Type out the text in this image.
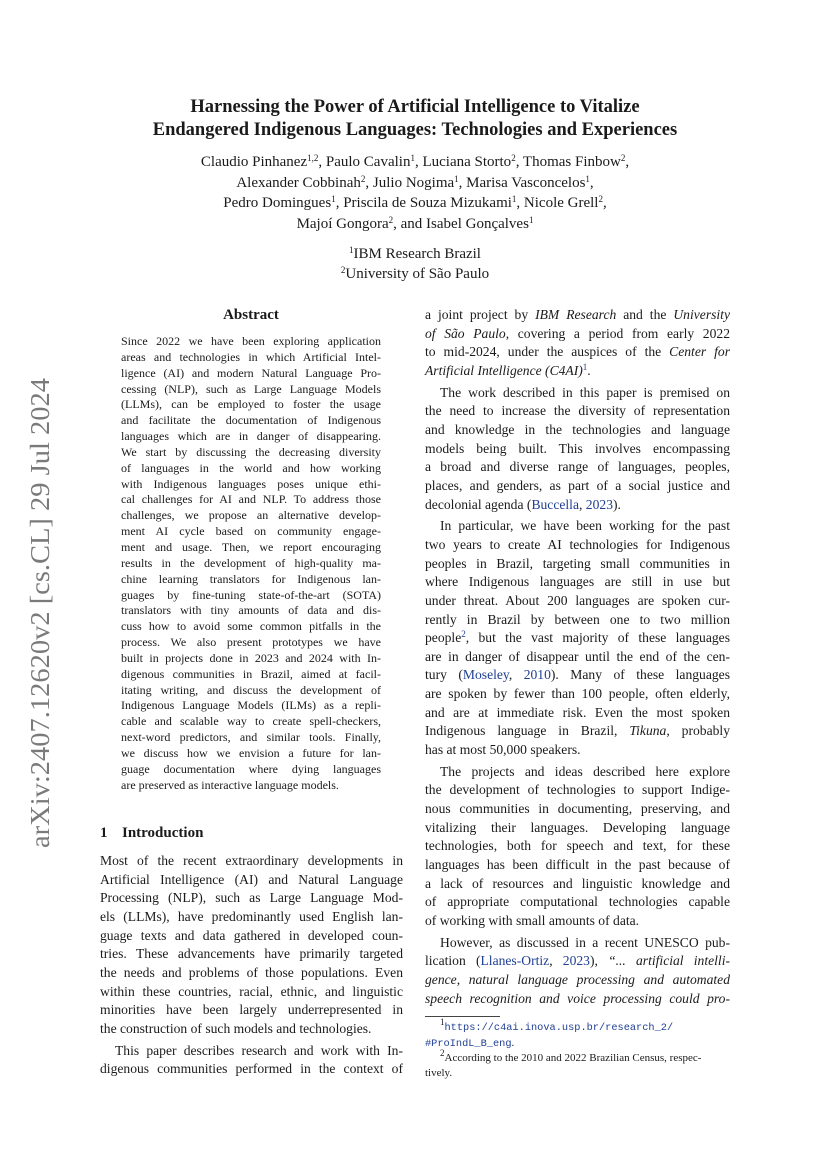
arXiv:2407.12620v2 [cs.CL] 29 Jul 2024
Harnessing the Power of Artificial Intelligence to Vitalize
Endangered Indigenous Languages: Technologies and Experiences
Claudio Pinhanez$^{1,2}$, Paulo Cavalin$^1$, Luciana Storto$^2$, Thomas Finbow$^2$,
Alexander Cobbinah$^2$, Julio Nogima$^1$, Marisa Vasconcelos$^1$,
Pedro Domingues$^1$, Priscila de Souza Mizukami$^1$, Nicole Grell$^2$,
Majoí Gongora$^2$, and Isabel Gonçalves$^1$
$^1$IBM Research Brazil
$^2$University of São Paulo
Abstract
Since 2022 we have been exploring application
areas and technologies in which Artificial Intel-
ligence (AI) and modern Natural Language Pro-
cessing (NLP), such as Large Language Models
(LLMs), can be employed to foster the usage
and facilitate the documentation of Indigenous
languages which are in danger of disappearing.
We start by discussing the decreasing diversity
of languages in the world and how working
with Indigenous languages poses unique ethi-
cal challenges for AI and NLP. To address those
challenges, we propose an alternative develop-
ment AI cycle based on community engage-
ment and usage. Then, we report encouraging
results in the development of high-quality ma-
chine learning translators for Indigenous lan-
guages by fine-tuning state-of-the-art (SOTA)
translators with tiny amounts of data and dis-
cuss how to avoid some common pitfalls in the
process. We also present prototypes we have
built in projects done in 2023 and 2024 with In-
digenous communities in Brazil, aimed at facil-
itating writing, and discuss the development of
Indigenous Language Models (ILMs) as a repli-
cable and scalable way to create spell-checkers,
next-word predictors, and similar tools. Finally,
we discuss how we envision a future for lan-
guage documentation where dying languages
are preserved as interactive language models.
1 Introduction
Most of the recent extraordinary developments in
Artificial Intelligence (AI) and Natural Language
Processing (NLP), such as Large Language Mod-
els (LLMs), have predominantly used English lan-
guage texts and data gathered in developed coun-
tries. These advancements have primarily targeted
the needs and problems of those populations. Even
within these countries, racial, ethnic, and linguistic
minorities have been largely underrepresented in
the construction of such models and technologies.
This paper describes research and work with In-
digenous communities performed in the context of
a joint project by IBM Research and the University
of São Paulo, covering a period from early 2022
to mid-2024, under the auspices of the Center for
Artificial Intelligence $(C4AI)^1$.
The work described in this paper is premised on
the need to increase the diversity of representation
and knowledge in the technologies and language
models being built. This involves encompassing
a broad and diverse range of languages, peoples,
places, and genders, as part of a social justice and
decolonial agenda (Buccella, 2023).
In particular, we have been working for the past
two years to create AI technologies for Indigenous
peoples in Brazil, targeting small communities in
where Indigenous languages are still in use but
under threat. About 200 languages are spoken cur-
rently in Brazil by between one to two million
people$^2$, but the vast majority of these languages
are in danger of disappear until the end of the cen-
tury (Moseley, 2010). Many of these languages
are spoken by fewer than 100 people, often elderly,
and are at immediate risk. Even the most spoken
Indigenous language in Brazil, Tikuna, probably
has at most 50,000 speakers.
The projects and ideas described here explore
the development of technologies to support Indige-
nous communities in documenting, preserving, and
vitalizing their languages. Developing language
technologies, both for speech and text, for these
languages has been difficult in the past because of
a lack of resources and linguistic knowledge and
of appropriate computational technologies capable
of working with small amounts of data.
However, as discussed in a recent UNESCO pub-
lication (Llanes-Ortiz, 2023), “... artificial intelli-
gence, natural language processing and automated
speech recognition and voice processing could pro-
$^1$https://c4ai.inova.usp.br/research_2/
#ProIndL_B_eng.
$^2$According to the 2010 and 2022 Brazilian Census, respec-
tively.
